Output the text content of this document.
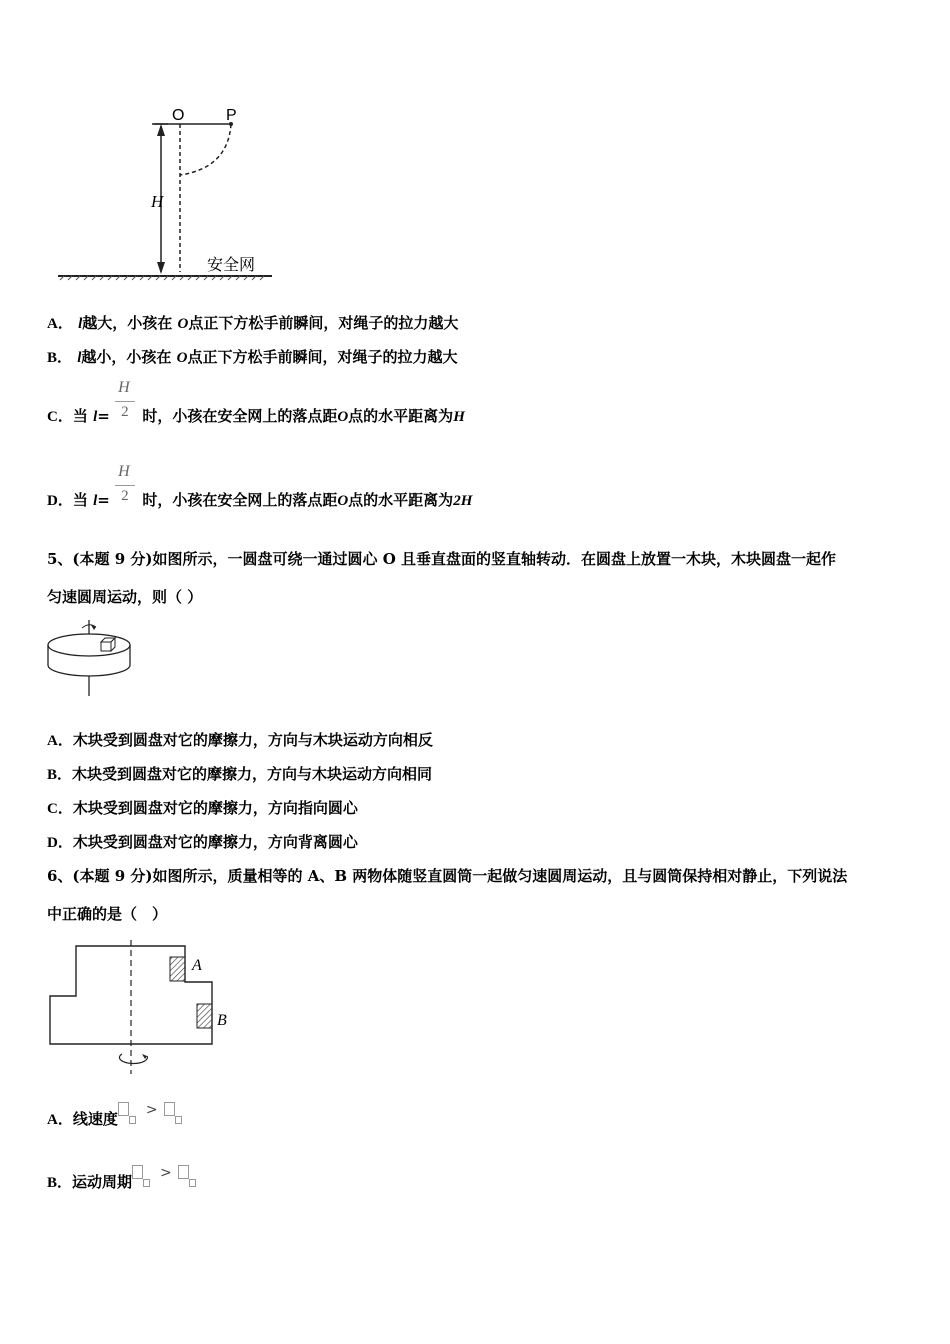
O	P
H
安全网
A． l越大，小孩在 O点正下方松手前瞬间，对绳子的拉力越大
B． l越小，小孩在 O点正下方松手前瞬间，对绳子的拉力越大
C．当 $l= \frac{H}{2}$ 时，小孩在安全网上的落点距O点的水平距离为H
D．当 $l= \frac{H}{2}$ 时，小孩在安全网上的落点距O点的水平距离为2H
5、(本题 9 分)如图所示，一圆盘可绕一通过圆心 O 且垂直盘面的竖直轴转动．在圆盘上放置一木块，木块圆盘一起作
匀速圆周运动，则（ ）
A．木块受到圆盘对它的摩擦力，方向与木块运动方向相反
B．木块受到圆盘对它的摩擦力，方向与木块运动方向相同
C．木块受到圆盘对它的摩擦力，方向指向圆心
D．木块受到圆盘对它的摩擦力，方向背离圆心
6、(本题 9 分)如图所示，质量相等的 A、B 两物体随竖直圆筒一起做匀速圆周运动，且与圆筒保持相对静止，下列说法
中正确的是（　）
A
B
A．线速度 >
B．运动周期 >
